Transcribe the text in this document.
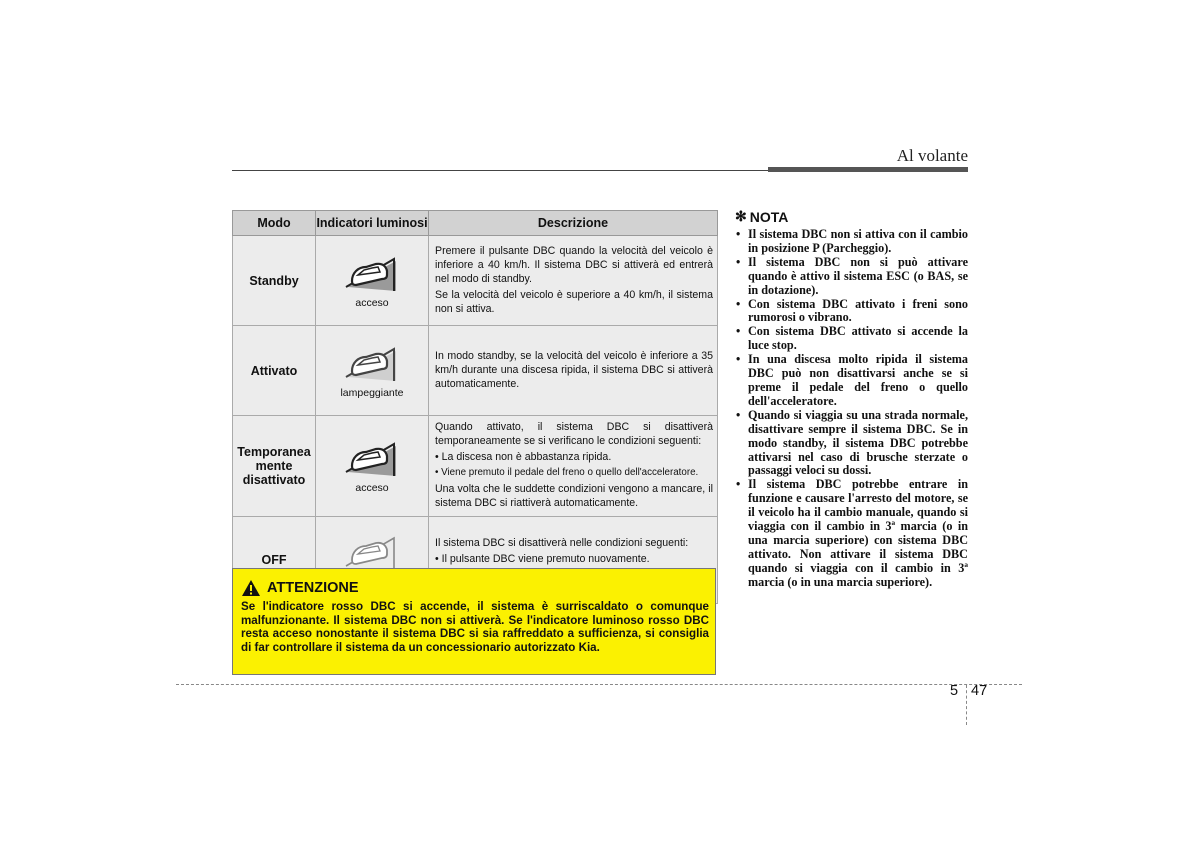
Al volante
Modo	Indicatori luminosi	Descrizione
Standby	acceso	Premere il pulsante DBC quando la velocità del veicolo è inferiore a 40 km/h. Il sistema DBC si attiverà ed entrerà nel modo di standby.

Se la velocità del veicolo è superiore a 40 km/h, il sistema non si attiva.

Attivato	lampeggiante	In modo standby, se la velocità del veicolo è inferiore a 35 km/h durante una discesa ripida, il sistema DBC si attiverà automaticamente.

Temporanea mente disattivato	acceso	Quando attivato, il sistema DBC si disattiverà temporaneamente se si verificano le condizioni seguenti:

• La discesa non è abbastanza ripida.

• Viene premuto il pedale del freno o quello dell'acceleratore.

Una volta che le suddette condizioni vengono a mancare, il sistema DBC si riattiverà automaticamente.

OFF		Il sistema DBC si disattiverà nelle condizioni seguenti:

• Il pulsante DBC viene premuto nuovamente.

ATTENZIONE
Se l'indicatore rosso DBC si accende, il sistema è surriscaldato o comunque malfunzionante. Il sistema DBC non si attiverà. Se l'indicatore luminoso rosso DBC resta acceso nonostante il sistema DBC si sia raffreddato a sufficienza, si consiglia di far controllare il sistema da un concessionario autorizzato Kia.
✻ NOTA
• Il sistema DBC non si attiva con il cambio in posizione P (Parcheggio).
• Il sistema DBC non si può attivare quando è attivo il sistema ESC (o BAS, se in dotazione).
• Con sistema DBC attivato i freni sono rumorosi o vibrano.
• Con sistema DBC attivato si accende la luce stop.
• In una discesa molto ripida il sistema DBC può non disattivarsi anche se si preme il pedale del freno o quello dell'acceleratore.
• Quando si viaggia su una strada normale, disattivare sempre il sistema DBC. Se in modo standby, il sistema DBC potrebbe attivarsi nel caso di brusche sterzate o passaggi veloci su dossi.
• Il sistema DBC potrebbe entrare in funzione e causare l'arresto del motore, se il veicolo ha il cambio manuale, quando si viaggia con il cambio in 3ª marcia (o in una marcia superiore) con sistema DBC attivato. Non attivare il sistema DBC quando si viaggia con il cambio in 3ª marcia (o in una marcia superiore).
5 47
